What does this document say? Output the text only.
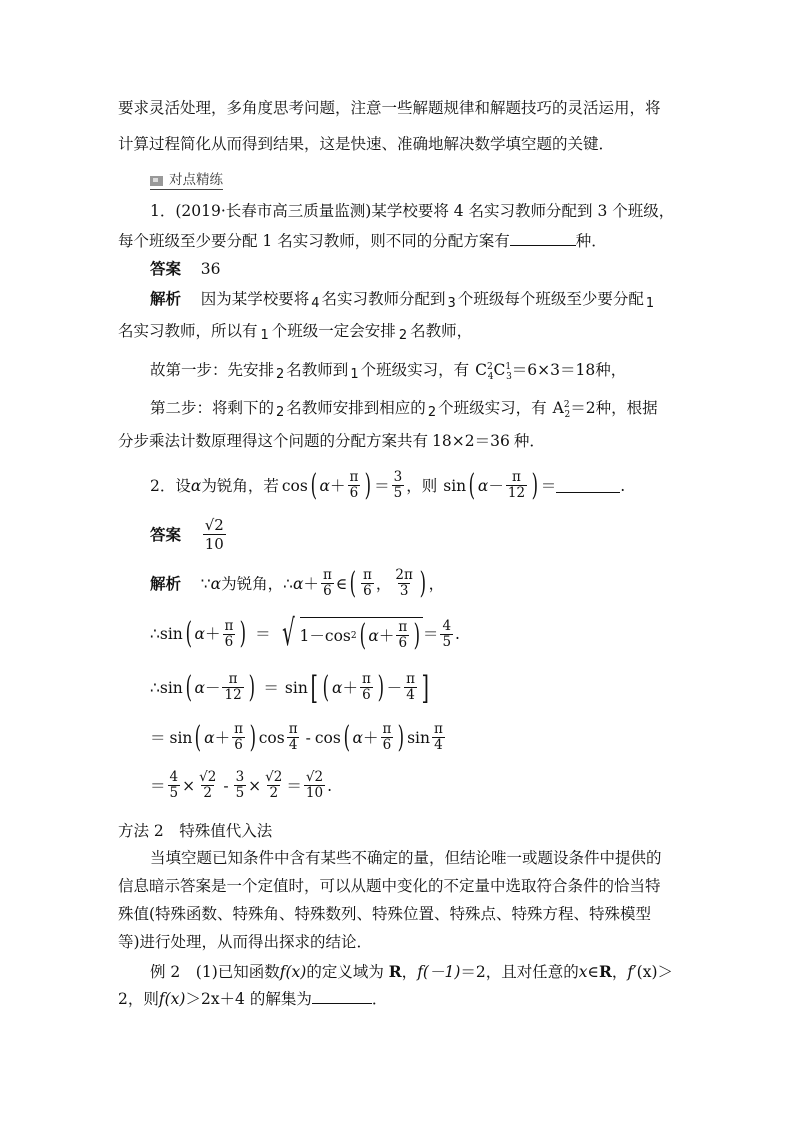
要求灵活处理，多角度思考问题，注意一些解题规律和解题技巧的灵活运用，将
计算过程简化从而得到结果，这是快速、准确地解决数学填空题的关键．
对点精练
1．(2019·长春市高三质量监测)某学校要将 4 名实习教师分配到 3 个班级，
每个班级至少要分配 1 名实习教师，则不同的分配方案有	种．
答案 36
解析 因为某学校要将 4 名实习教师分配到 3 个班级每个班级至少要分配 1
名实习教师，所以有 1 个班级一定会安排 2 名教师，
故第一步：先安排 2 名教师到 1 个班级实习，有 $C^2_4C^1_3=6\times 3=18$种，
第二步：将剩下的 2 名教师安排到相应的 2 个班级实习，有 $A^2_2=2$种，根据
分步乘法计数原理得这个问题的分配方案共有 18×2＝36 种．
2．设 α 为锐角，若 cos ( $\alpha + \frac{\pi}{6}$ ) ＝ $\frac{3}{5}$ ，则 sin ( $\alpha - \frac{\pi}{12}$ ) ＝	.
答案
$\frac{√2}{10}$
解析
∵ α 为锐角，∴ $\alpha + \frac{\pi}{6}$ ∈ ( $\frac{\pi}{6}$ ， $\frac{2\pi}{3}$ ) ，
∴ sin ( $\alpha + \frac{\pi}{6}$ ) ＝ √ 1－cos 2 ( $\alpha + \frac{\pi}{6}$ ) ＝ $\frac{4}{5}$ .
∴ sin ( $\alpha - \frac{\pi}{12}$ ) ＝ sin [ ( $\alpha + \frac{\pi}{6}$ ) － $\frac{\pi}{4}$ ]
＝ sin ( $\alpha + \frac{\pi}{6}$ ) $\cos \frac{\pi}{4}$ - cos ( $\alpha + \frac{\pi}{6}$ ) $\sin \frac{\pi}{4}$
＝ $\frac{4}{5} \times \frac{√2}{2} - \frac{3}{5} \times \frac{√2}{2} = \frac{√2}{10}$ .
方法 2　特殊值代入法
当填空题已知条件中含有某些不确定的量，但结论唯一或题设条件中提供的
信息暗示答案是一个定值时，可以从题中变化的不定量中选取符合条件的恰当特
殊值(特殊函数、特殊角、特殊数列、特殊位置、特殊点、特殊方程、特殊模型
等)进行处理，从而得出探求的结论．
例 2　(1)已知函数f(x)的定义域为 R，f(－1)＝2，且对任意的x∈R，f′(x)＞
2，则f(x)＞2x＋4 的解集为	．
